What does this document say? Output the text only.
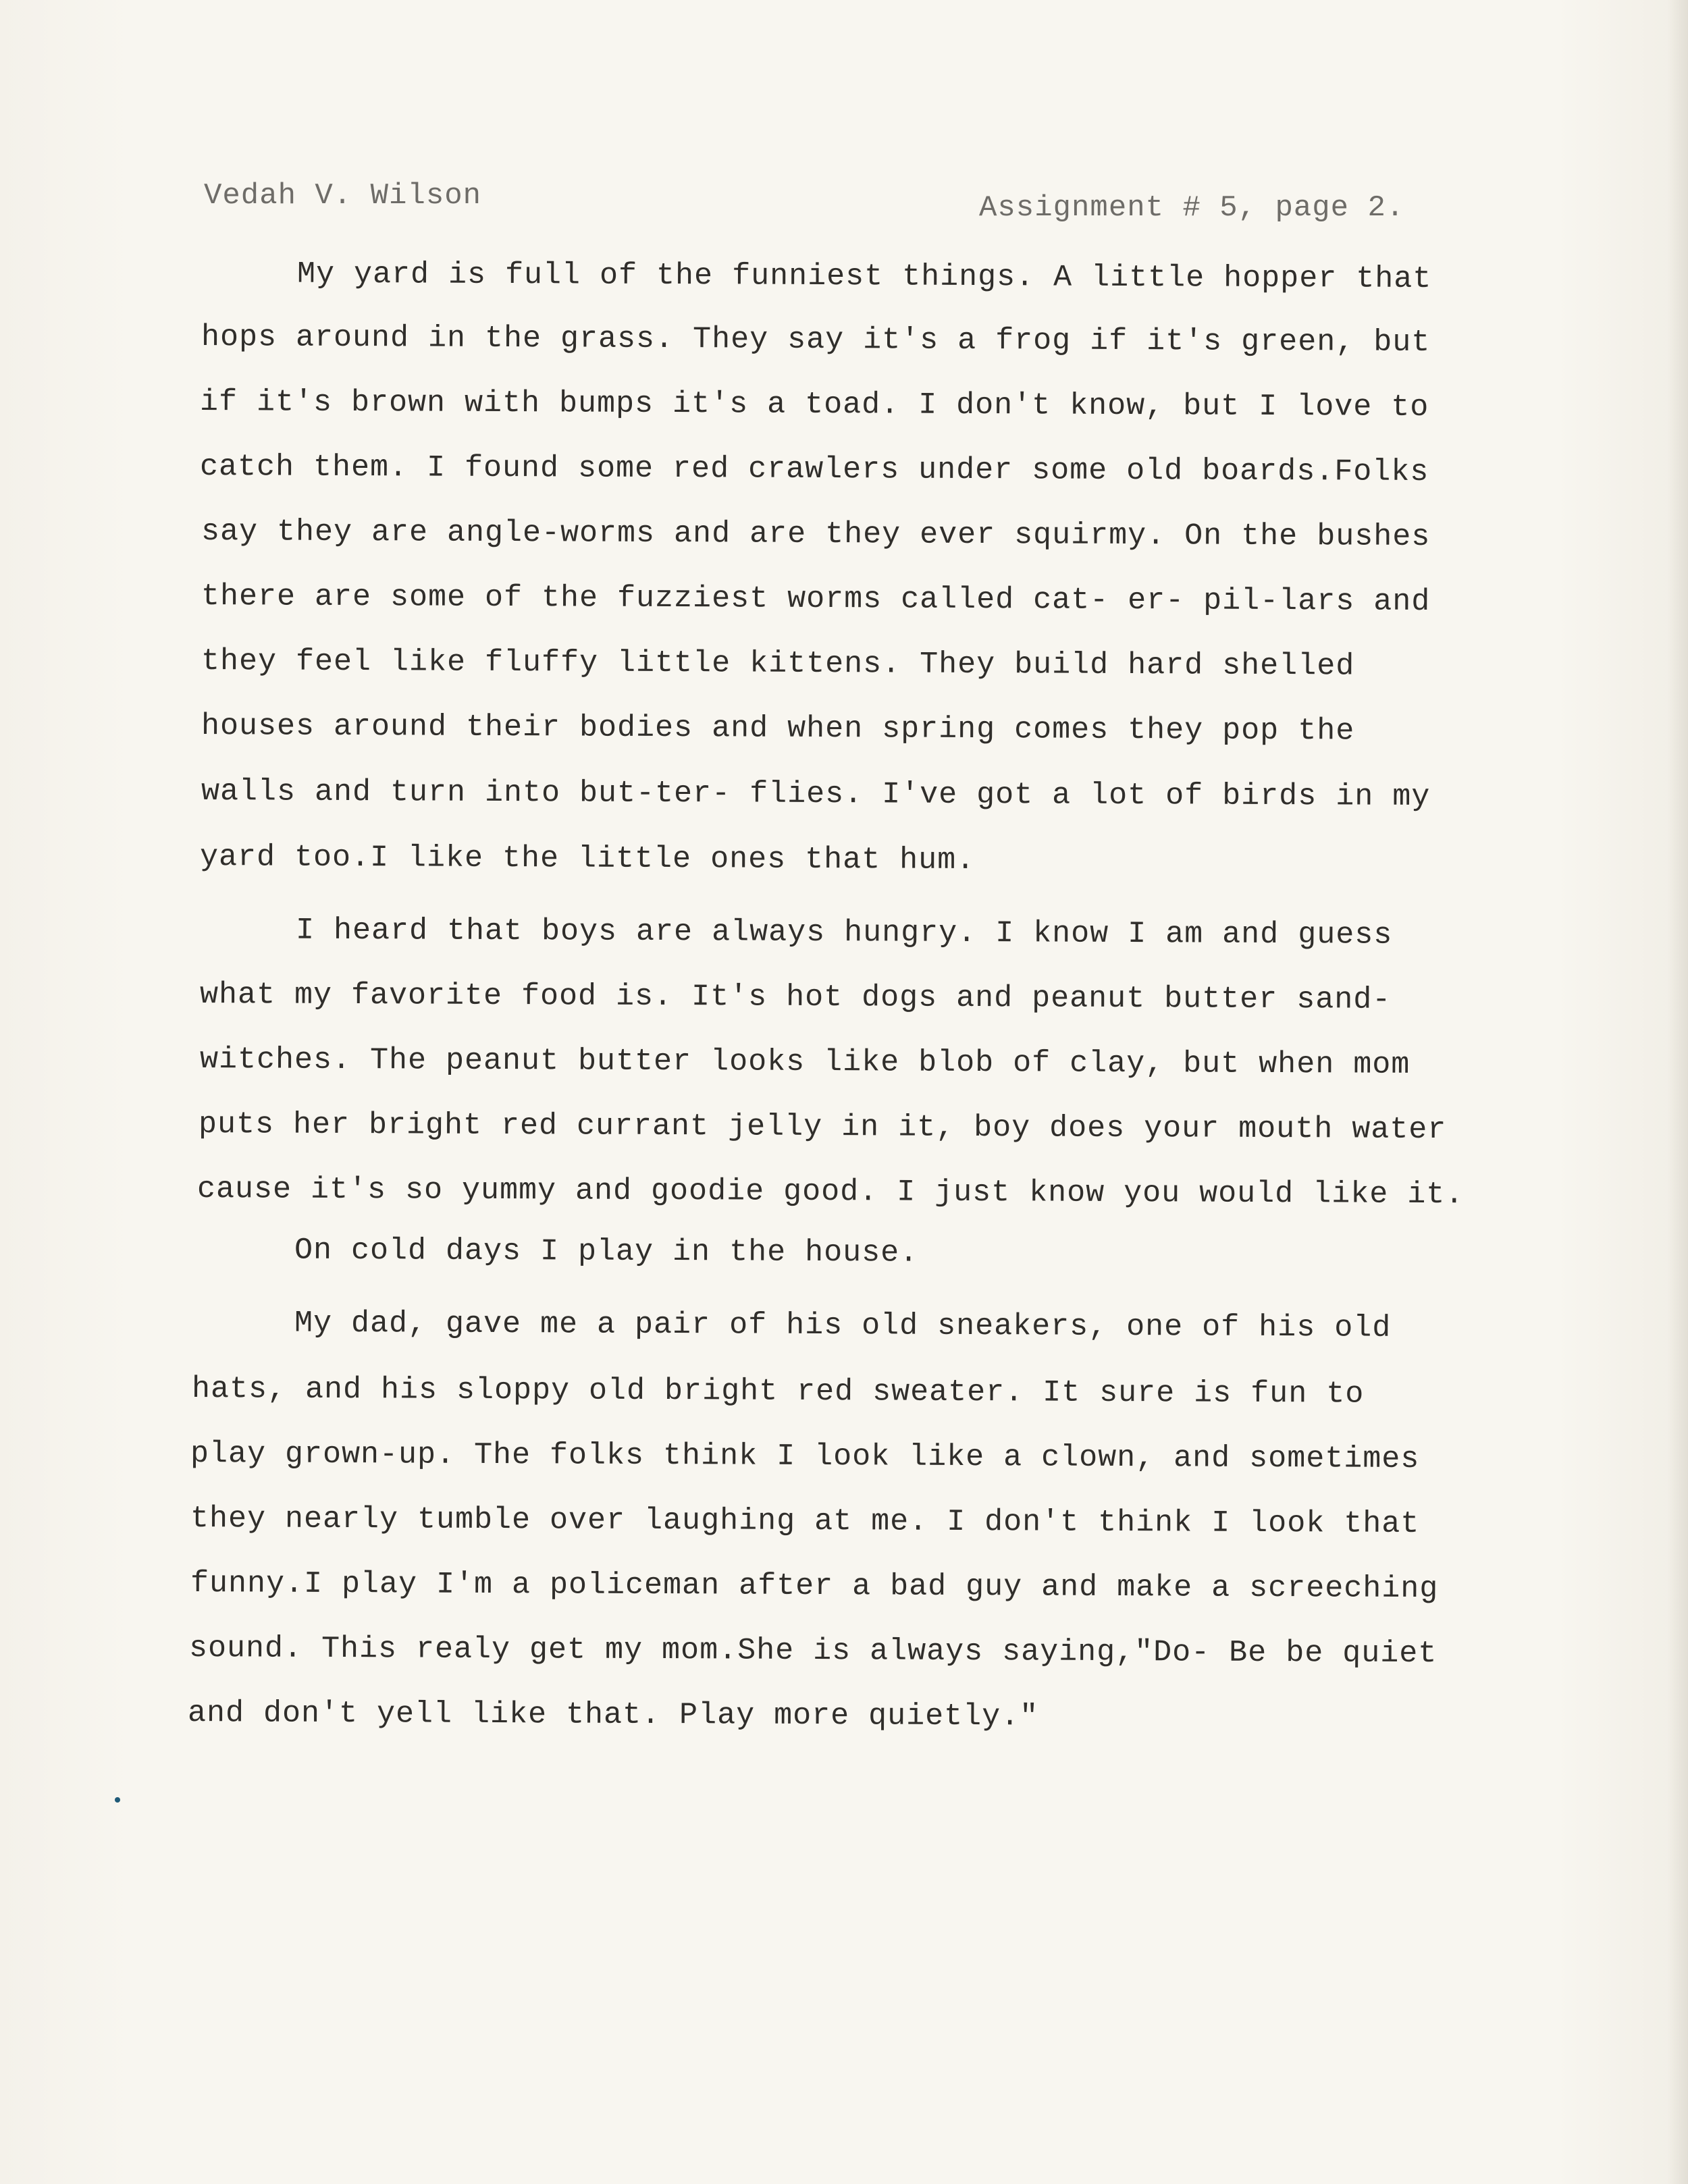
Vedah V. Wilson	Assignment # 5, page 2.
My yard is full of the funniest things. A little hopper that
hops around in the grass. They say it's a frog if it's green, but
if it's brown with bumps it's a toad. I don't know, but I love to
catch them. I found some red crawlers under some old boards.Folks
say they are angle-worms and are they ever squirmy. On the bushes
there are some of the fuzziest worms called cat- er- pil-lars and
they feel like fluffy little kittens. They build hard shelled
houses around their bodies and when spring comes they pop the
walls and turn into but-ter- flies. I've got a lot of birds in my
yard too.I like the little ones that hum.
I heard that boys are always hungry. I know I am and guess
what my favorite food is. It's hot dogs and peanut butter sand-
witches. The peanut butter looks like blob of clay, but when mom
puts her bright red currant jelly in it, boy does your mouth water
cause it's so yummy and goodie good. I just know you would like it.
On cold days I play in the house.
My dad, gave me a pair of his old sneakers, one of his old
hats, and his sloppy old bright red sweater. It sure is fun to
play grown-up. The folks think I look like a clown, and sometimes
they nearly tumble over laughing at me. I don't think I look that
funny.I play I'm a policeman after a bad guy and make a screeching
sound. This realy get my mom.She is always saying,"Do- Be be quiet
and don't yell like that. Play more quietly."
